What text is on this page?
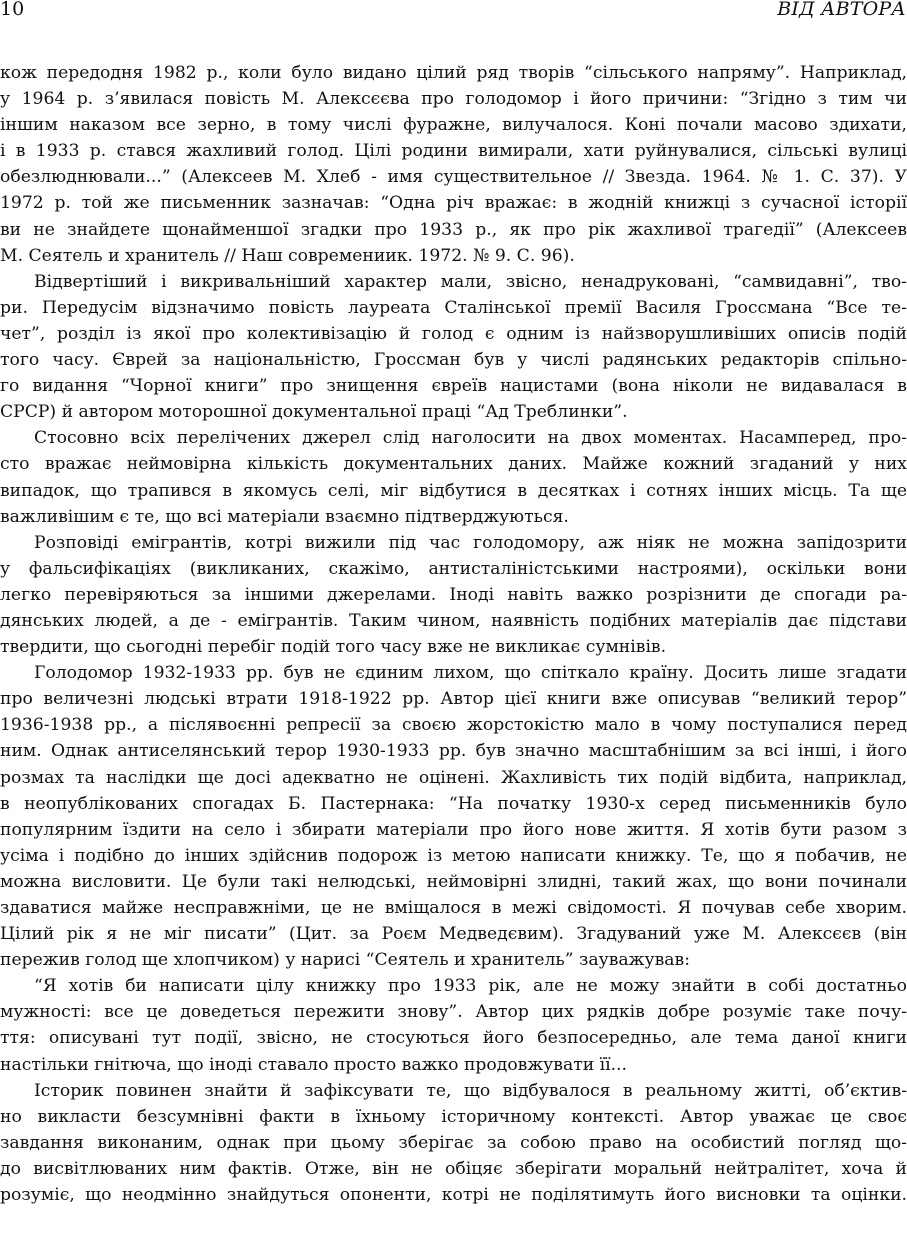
10	ВІД АВТОРА
кож передодня 1982 р., коли було видано цілий ряд творів “сільського напряму”. Наприклад,
у 1964 р. з’явилася повість М. Алексєєва про голодомор і його причини: “Згідно з тим чи
іншим наказом все зерно, в тому числі фуражне, вилучалося. Коні почали масово здихати,
і в 1933 р. стався жахливий голод. Цілі родини вимирали, хати руйнувалися, сільські вулиці
обезлюднювали...” (Алексеев М. Хлеб - имя существительное // Звезда. 1964. № 1. С. 37). У
1972 р. той же письменник зазначав: “Одна річ вражає: в жодній книжці з сучасної історії
ви не знайдете щонайменшої згадки про 1933 р., як про рік жахливої трагедії” (Алексеев
М. Сеятель и хранитель // Наш современиик. 1972. № 9. С. 96).
Відвертіший і викривальніший характер мали, звісно, ненадруковані, “самвидавні”, тво-
ри. Передусім відзначимо повість лауреата Сталінської премії Василя Гроссмана “Все те-
чет”, розділ із якої про колективізацію й голод є одним із найзворушливіших описів подій
того часу. Єврей за національністю, Гроссман був у числі радянських редакторів спільно-
го видання “Чорної книги” про знищення євреїв нацистами (вона ніколи не видавалася в
СРСР) й автором моторошної документальної праці “Ад Треблинки”.
Стосовно всіх перелічених джерел слід наголосити на двох моментах. Насамперед, про-
сто вражає неймовірна кількість документальних даних. Майже кожний згаданий у них
випадок, що трапився в якомусь селі, міг відбутися в десятках і сотнях інших місць. Та ще
важливішим є те, що всі матеріали взаємно підтверджуються.
Розповіді емігрантів, котрі вижили під час голодомору, аж ніяк не можна запідозрити
у фальсифікаціях (викликаних, скажімо, антисталіністськими настроями), оскільки вони
легко перевіряються за іншими джерелами. Іноді навіть важко розрізнити де спогади ра-
дянських людей, а де - емігрантів. Таким чином, наявність подібних матеріалів дає підстави
твердити, що сьогодні перебіг подій того часу вже не викликає сумнівів.
Голодомор 1932-1933 рр. був не єдиним лихом, що спіткало країну. Досить лише згадати
про величезні людські втрати 1918-1922 рр. Автор цієї книги вже описував “великий терор”
1936-1938 рр., а післявоєнні репресії за своєю жорстокістю мало в чому поступалися перед
ним. Однак антиселянський терор 1930-1933 рр. був значно масштабнішим за всі інші, і його
розмах та наслідки ще досі адекватно не оцінені. Жахливість тих подій відбита, наприклад,
в неопублікованих спогадах Б. Пастернака: “На початку 1930-х серед письменників було
популярним їздити на село і збирати матеріали про його нове життя. Я хотів бути разом з
усіма і подібно до інших здійснив подорож із метою написати книжку. Те, що я побачив, не
можна висловити. Це були такі нелюдські, неймовірні злидні, такий жах, що вони починали
здаватися майже несправжніми, це не вміщалося в межі свідомості. Я почував себе хворим.
Цілий рік я не міг писати” (Цит. за Роєм Медведєвим). Згадуваний уже М. Алексєєв (він
пережив голод ще хлопчиком) у нарисі “Сеятель и хранитель” зауважував:
“Я хотів би написати цілу книжку про 1933 рік, але не можу знайти в собі достатньо
мужності: все це доведеться пережити знову”. Автор цих рядків добре розуміє таке почу-
ття: описувані тут події, звісно, не стосуються його безпосередньо, але тема даної книги
настільки гнітюча, що іноді ставало просто важко продовжувати її...
Історик повинен знайти й зафіксувати те, що відбувалося в реальному житті, об’єктив-
но викласти безсумнівні факти в їхньому історичному контексті. Автор уважає це своє
завдання виконаним, однак при цьому зберігає за собою право на особистий погляд що-
до висвітлюваних ним фактів. Отже, він не обіцяє зберігати моральнй нейтралітет, хоча й
розуміє, що неодмінно знайдуться опоненти, котрі не поділятимуть його висновки та оцінки.
